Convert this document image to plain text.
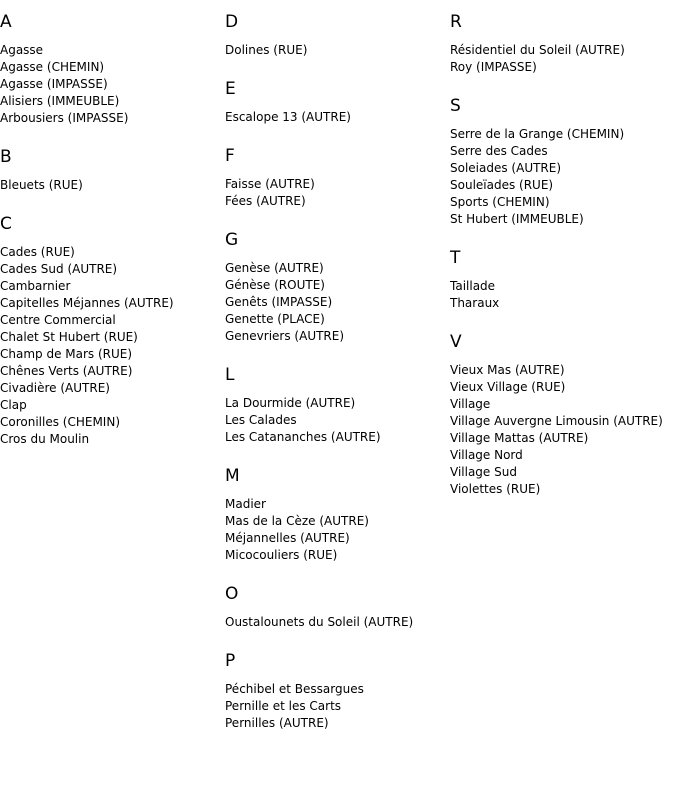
A
Agasse
Agasse (CHEMIN)
Agasse (IMPASSE)
Alisiers (IMMEUBLE)
Arbousiers (IMPASSE)
B
Bleuets (RUE)
C
Cades (RUE)
Cades Sud (AUTRE)
Cambarnier
Capitelles Méjannes (AUTRE)
Centre Commercial
Chalet St Hubert (RUE)
Champ de Mars (RUE)
Chênes Verts (AUTRE)
Civadière (AUTRE)
Clap
Coronilles (CHEMIN)
Cros du Moulin
D
Dolines (RUE)
E
Escalope 13 (AUTRE)
F
Faisse (AUTRE)
Fées (AUTRE)
G
Genèse (AUTRE)
Génèse (ROUTE)
Genêts (IMPASSE)
Genette (PLACE)
Genevriers (AUTRE)
L
La Dourmide (AUTRE)
Les Calades
Les Catananches (AUTRE)
M
Madier
Mas de la Cèze (AUTRE)
Méjannelles (AUTRE)
Micocouliers (RUE)
O
Oustalounets du Soleil (AUTRE)
P
Péchibel et Bessargues
Pernille et les Carts
Pernilles (AUTRE)
R
Résidentiel du Soleil (AUTRE)
Roy (IMPASSE)
S
Serre de la Grange (CHEMIN)
Serre des Cades
Soleiades (AUTRE)
Souleïades (RUE)
Sports (CHEMIN)
St Hubert (IMMEUBLE)
T
Taillade
Tharaux
V
Vieux Mas (AUTRE)
Vieux Village (RUE)
Village
Village Auvergne Limousin (AUTRE)
Village Mattas (AUTRE)
Village Nord
Village Sud
Violettes (RUE)
